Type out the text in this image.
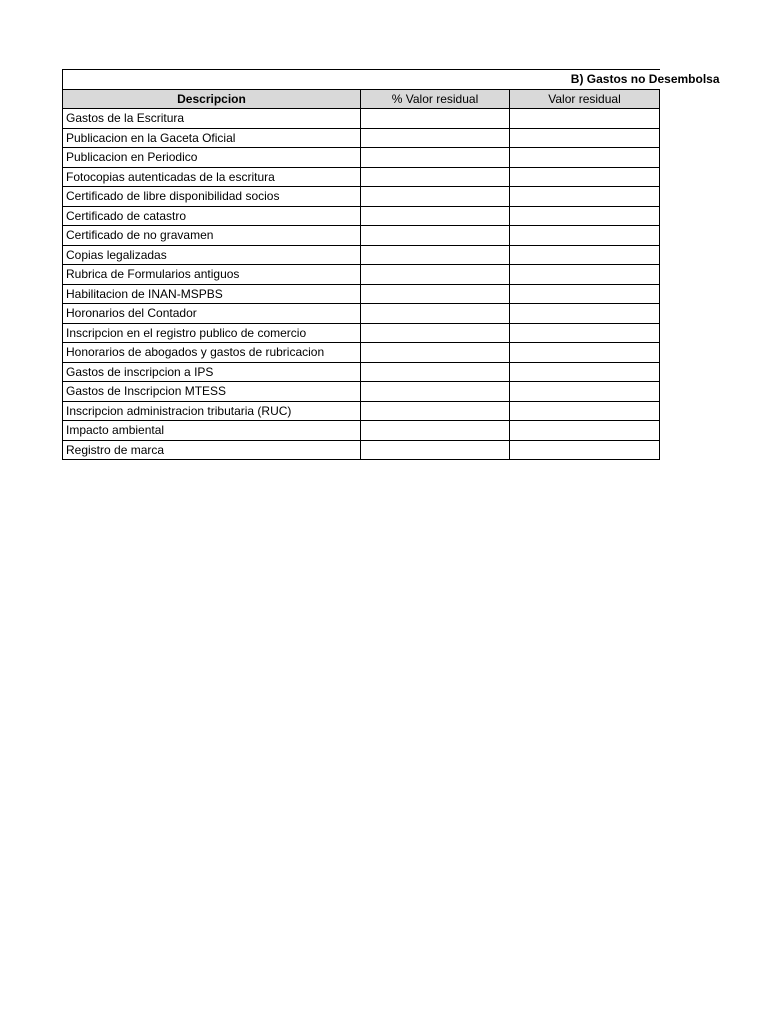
B) Gastos no Desembolsa		
Descripcion	% Valor residual	Valor residual
Gastos de la Escritura		
Publicacion en la Gaceta Oficial		
Publicacion en Periodico		
Fotocopias autenticadas de la escritura		
Certificado de libre disponibilidad socios		
Certificado de catastro		
Certificado de no gravamen		
Copias legalizadas		
Rubrica de Formularios antiguos		
Habilitacion de INAN-MSPBS		
Horonarios del Contador		
Inscripcion en el registro publico de comercio		
Honorarios de abogados y gastos de rubricacion		
Gastos de inscripcion a IPS		
Gastos de Inscripcion MTESS		
Inscripcion administracion tributaria (RUC)		
Impacto ambiental		
Registro de marca		
